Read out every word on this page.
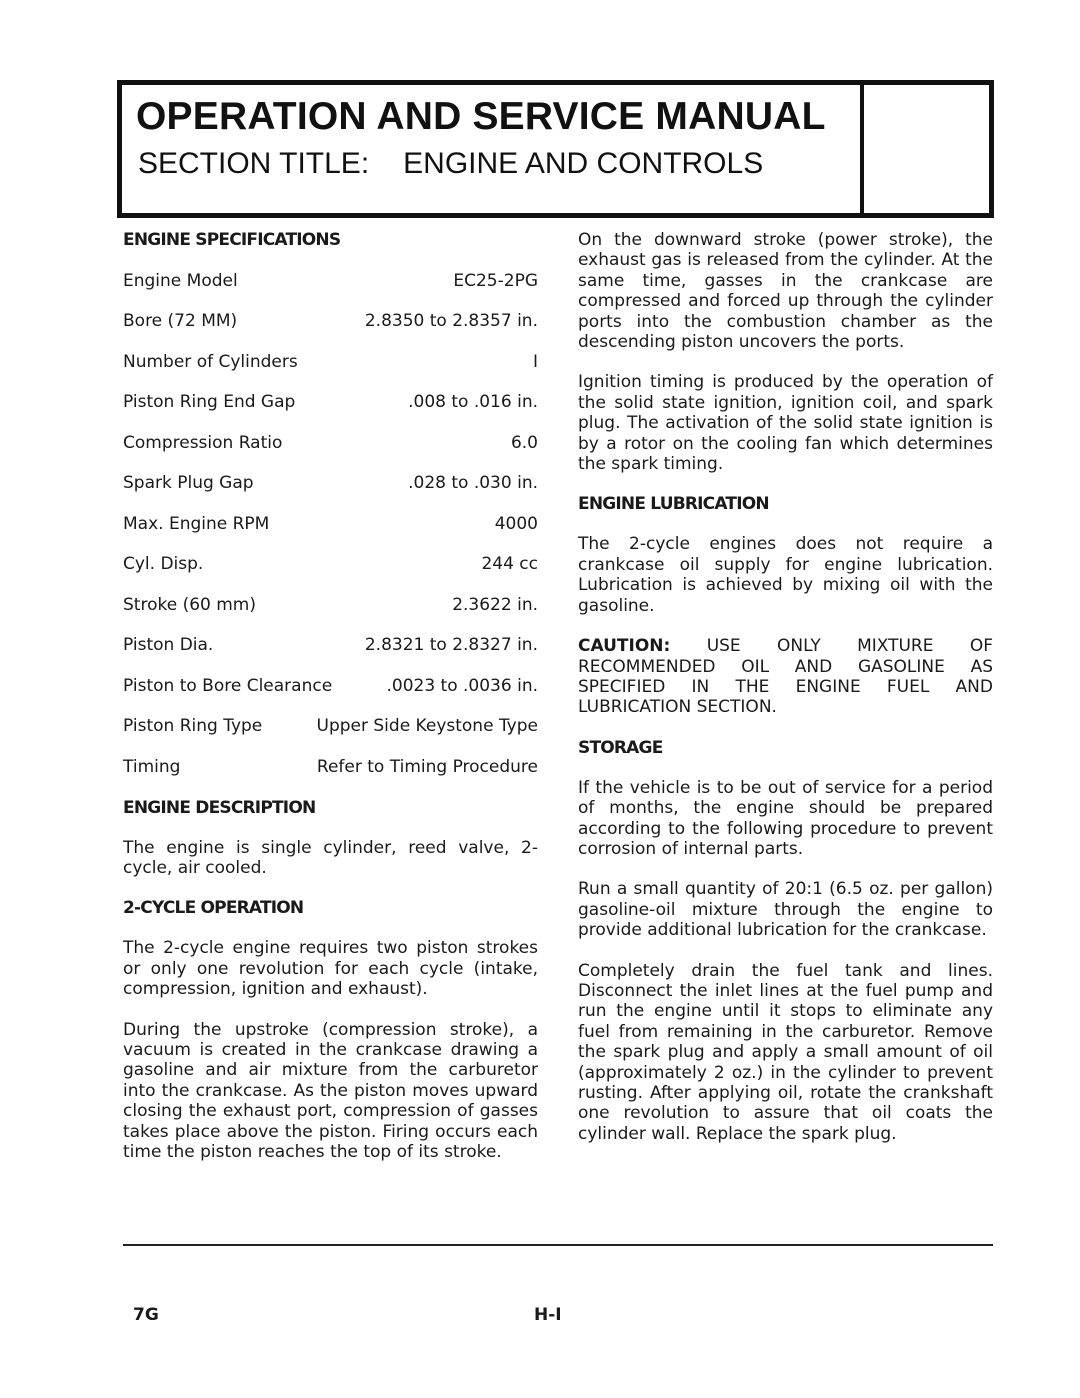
OPERATION AND SERVICE MANUAL
SECTION TITLE: ENGINE AND CONTROLS
ENGINE SPECIFICATIONS
Engine Model	EC25-2PG
Bore (72 MM)	2.8350 to 2.8357 in.
Number of Cylinders	I
Piston Ring End Gap	.008 to .016 in.
Compression Ratio	6.0
Spark Plug Gap	.028 to .030 in.
Max. Engine RPM	4000
Cyl. Disp.	244 cc
Stroke (60 mm)	2.3622 in.
Piston Dia.	2.8321 to 2.8327 in.
Piston to Bore Clearance	.0023 to .0036 in.
Piston Ring Type	Upper Side Keystone Type
Timing	Refer to Timing Procedure
ENGINE DESCRIPTION

The engine is single cylinder, reed valve, 2-cycle, air cooled.

2-CYCLE OPERATION

The 2-cycle engine requires two piston strokes or only one revolution for each cycle (intake, compression, ignition and exhaust).

During the upstroke (compression stroke), a vacuum is created in the crankcase drawing a gasoline and air mixture from the carburetor into the crankcase. As the piston moves upward closing the exhaust port, compression of gasses takes place above the piston. Firing occurs each time the piston reaches the top of its stroke.

On the downward stroke (power stroke), the exhaust gas is released from the cylinder. At the same time, gasses in the crankcase are compressed and forced up through the cylinder ports into the combustion chamber as the descending piston uncovers the ports.

Ignition timing is produced by the operation of the solid state ignition, ignition coil, and spark plug. The activation of the solid state ignition is by a rotor on the cooling fan which determines the spark timing.

ENGINE LUBRICATION

The 2-cycle engines does not require a crankcase oil supply for engine lubrication. Lubrication is achieved by mixing oil with the gasoline.

CAUTION: USE ONLY MIXTURE OF RECOMMENDED OIL AND GASOLINE AS SPECIFIED IN THE ENGINE FUEL AND LUBRICATION SECTION.

STORAGE

If the vehicle is to be out of service for a period of months, the engine should be prepared according to the following procedure to prevent corrosion of internal parts.

Run a small quantity of 20:1 (6.5 oz. per gallon) gasoline-oil mixture through the engine to provide additional lubrication for the crankcase.

Completely drain the fuel tank and lines. Disconnect the inlet lines at the fuel pump and run the engine until it stops to eliminate any fuel from remaining in the carburetor. Remove the spark plug and apply a small amount of oil (approximately 2 oz.) in the cylinder to prevent rusting. After applying oil, rotate the crankshaft one revolution to assure that oil coats the cylinder wall. Replace the spark plug.

7G	H-I
